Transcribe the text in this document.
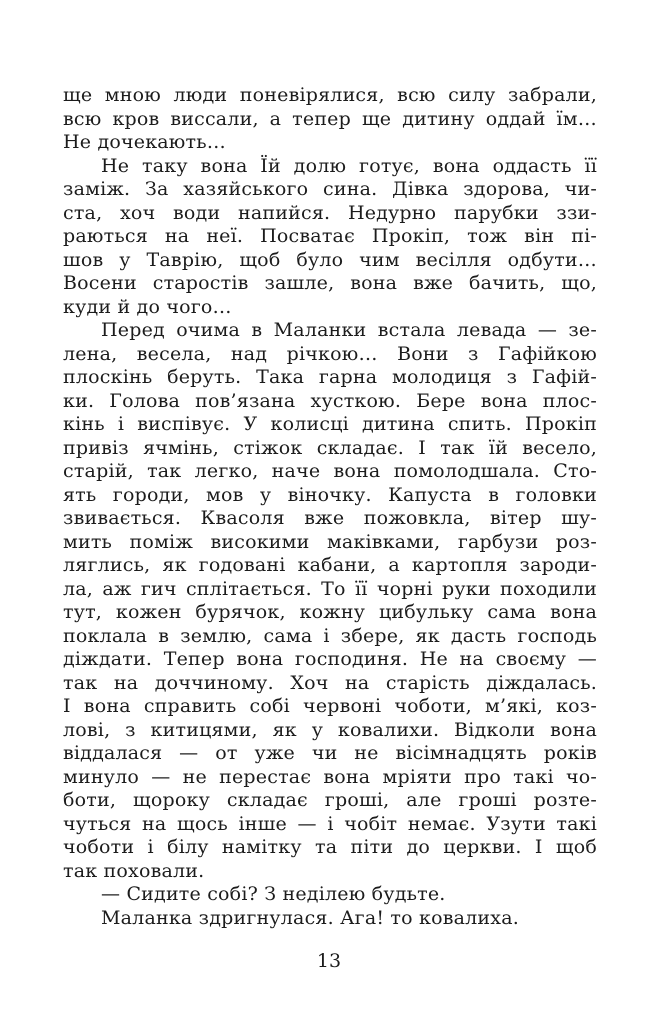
ще мною люди поневірялися, всю силу забрали,
всю кров виссали, а тепер ще дитину оддай їм…
Не дочекають…
Не таку вона Їй долю готує, вона оддасть її
заміж. За хазяйського сина. Дівка здорова, чи-
ста, хоч води напийся. Недурно парубки ззи-
раються на неї. Посватає Прокіп, тож він пі-
шов у Таврію, щоб було чим весілля одбути…
Восени старостів зашле, вона вже бачить, що,
куди й до чого…
Перед очима в Маланки встала левада — зе-
лена, весела, над річкою… Вони з Гафійкою
плоскінь беруть. Така гарна молодиця з Гафій-
ки. Голова пов’язана хусткою. Бере вона плос-
кінь і виспівує. У колисці дитина спить. Прокіп
привіз ячмінь, стіжок складає. І так їй весело,
старій, так легко, наче вона помолодшала. Сто-
ять городи, мов у віночку. Капуста в головки
звивається. Квасоля вже пожовкла, вітер шу-
мить поміж високими маківками, гарбузи роз-
ляглись, як годовані кабани, а картопля зароди-
ла, аж гич сплітається. То її чорні руки походили
тут, кожен бурячок, кожну цибульку сама вона
поклала в землю, сама і збере, як дасть господь
діждати. Тепер вона господиня. Не на своєму —
так на доччиному. Хоч на старість діждалась.
І вона справить собі червоні чоботи, м’які, коз-
лові, з китицями, як у ковалихи. Відколи вона
віддалася — от уже чи не вісімнадцять років
минуло — не перестає вона мріяти про такі чо-
боти, щороку складає гроші, але гроші розте-
чуться на щось інше — і чобіт немає. Узути такі
чоботи і білу намітку та піти до церкви. І щоб
так поховали.
— Сидите собі? З неділею будьте.
Маланка здригнулася. Ага! то ковалиха.
13
